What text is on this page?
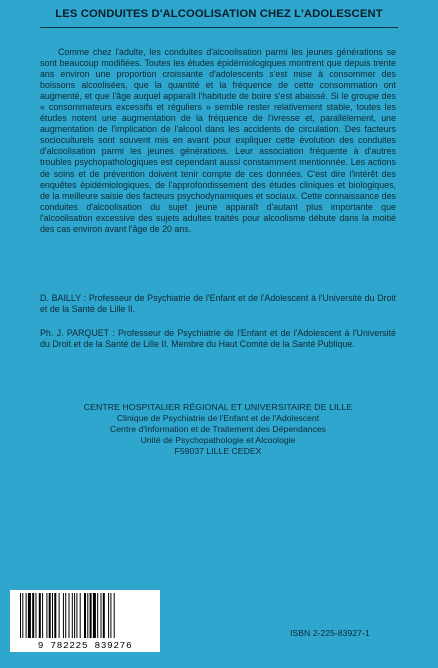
LES CONDUITES D'ALCOOLISATION CHEZ L'ADOLESCENT
Comme chez l'adulte, les conduites d'alcoolisation parmi les jeunes générations se sont beaucoup modifiées. Toutes les études épidémiologiques montrent que depuis trente ans environ une proportion croissante d'adolescents s'est mise à consommer des boissons alcoolisées, que la quantité et la fréquence de cette consommation ont augmenté, et que l'âge auquel apparaît l'habitude de boire s'est abaissé. Si le groupe des « consommateurs excessifs et réguliers » semble rester relativement stable, toutes les études notent une augmentation de la fréquence de l'ivresse et, parallèlement, une augmentation de l'implication de l'alcool dans les accidents de circulation. Des facteurs socioculturels sont souvent mis en avant pour expliquer cette évolution des conduites d'alcoolisation parmi les jeunes générations. Leur association fréquente à d'autres troubles psychopathologiques est cependant aussi constamment mentionnée. Les actions de soins et de prévention doivent tenir compte de ces données. C'est dire l'intérêt des enquêtes épidémiologiques, de l'approfondissement des études cliniques et biologiques, de la meilleure saisie des facteurs psychodynamiques et sociaux. Cette connaissance des conduites d'alcoolisation du sujet jeune apparaît d'autant plus importante que l'alcoolisation excessive des sujets adultes traités pour alcoolisme débute dans la moitié des cas environ avant l'âge de 20 ans.
D. BAILLY : Professeur de Psychiatrie de l'Enfant et de l'Adolescent à l'Université du Droit et de la Santé de Lille II.
Ph. J. PARQUET : Professeur de Psychiatrie de l'Enfant et de l'Adolescent à l'Université du Droit et de la Santé de Lille II. Membre du Haut Comité de la Santé Publique.
CENTRE HOSPITALIER RÉGIONAL ET UNIVERSITAIRE DE LILLE
Clinique de Psychiatrie de l'Enfant et de l'Adolescent
Centre d'Information et de Traitement des Dépendances
Unité de Psychopathologie et Alcoologie
F59037 LILLE CEDEX
9 782225 839276
ISBN 2-225-83927-1
